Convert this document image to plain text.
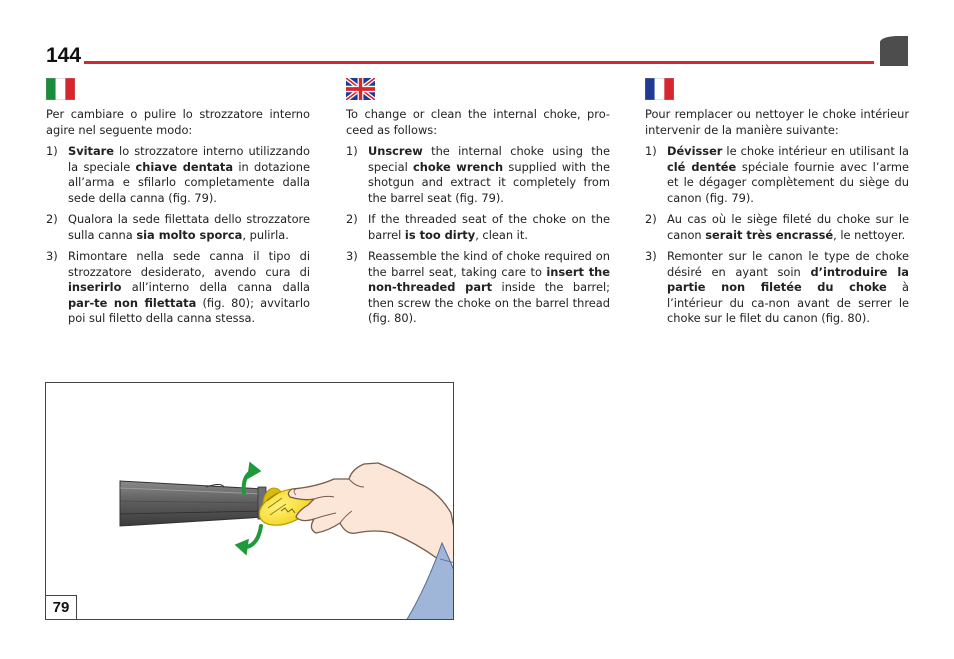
144

Per cambiare o pulire lo strozzatore interno agire nel seguente modo:

1) Svitare lo strozzatore interno utilizzando la speciale chiave dentata in dotazione all’arma e sfilarlo completamente dalla sede della canna (fig. 79).
2) Qualora la sede filettata dello strozzatore sulla canna sia molto sporca, pulirla.
3) Rimontare nella sede canna il tipo di strozzatore desiderato, avendo cura di inserirlo all’interno della canna dalla par-te non filettata (fig. 80); avvitarlo poi sul filetto della canna stessa.

To change or clean the internal choke, pro-ceed as follows:

1) Unscrew the internal choke using the special choke wrench supplied with the shotgun and extract it completely from the barrel seat (fig. 79).
2) If the threaded seat of the choke on the barrel is too dirty, clean it.
3) Reassemble the kind of choke required on the barrel seat, taking care to insert the non-threaded part inside the barrel; then screw the choke on the barrel thread (fig. 80).

Pour remplacer ou nettoyer le choke intérieur intervenir de la manière suivante:

1) Dévisser le choke intérieur en utilisant la clé dentée spéciale fournie avec l’arme et le dégager complètement du siège du canon (fig. 79).
2) Au cas où le siège fileté du choke sur le canon serait très encrassé, le nettoyer.
3) Remonter sur le canon le type de choke désiré en ayant soin d’introduire la partie non filetée du choke à l’intérieur du ca-non avant de serrer le choke sur le filet du canon (fig. 80).
79
